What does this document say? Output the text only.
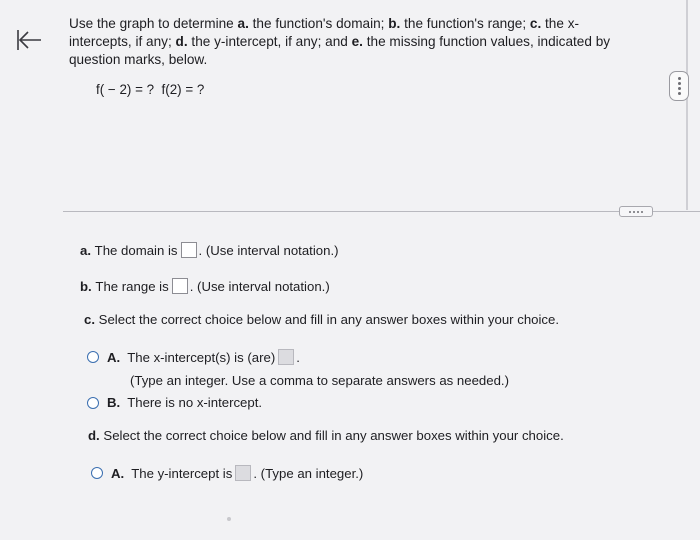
Use the graph to determine a. the function's domain; b. the function's range; c. the x-intercepts, if any; d. the y-intercept, if any; and e. the missing function values, indicated by question marks, below.
f( − 2) = ? f(2) = ?
a.
The domain is . (Use interval notation.)
b.
The range is . (Use interval notation.)
c.
Select the correct choice below and fill in any answer boxes within your choice.
A. The x-intercept(s) is (are) .
(Type an integer. Use a comma to separate answers as needed.)
B. There is no x-intercept.
d.
Select the correct choice below and fill in any answer boxes within your choice.
A. The y-intercept is . (Type an integer.)
